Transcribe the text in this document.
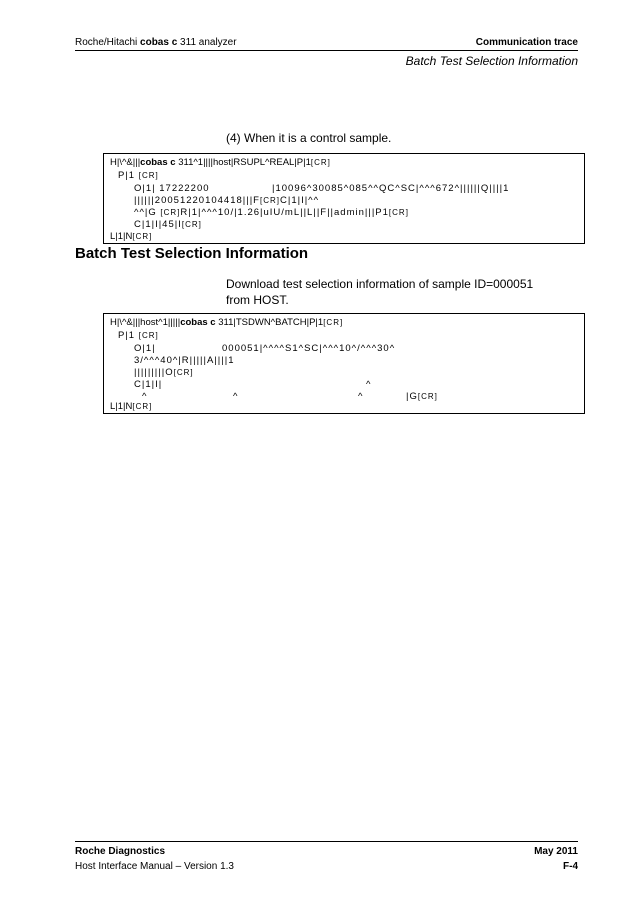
Roche/Hitachi cobas c 311 analyzer	Communication trace
Batch Test Selection Information
(4) When it is a control sample.
H|\^&|||cobas c 311^1||||host|RSUPL^REAL|P|1[CR]
P|1 [CR]
O|1| 17222200	|10096^30085^085^^QC^SC|^^^672^||||||Q||||1
||||||20051220104418|||F[CR]C|1|I|^^
^^|G [CR]R|1|^^^10/|1.26|uIU/mL||L||F||admin|||P1[CR]
C|1|I|45|I[CR]
L|1|N[CR]
Batch Test Selection Information
Download test selection information of sample ID=000051
from HOST.
H|\^&|||host^1|||||cobas c 311|TSDWN^BATCH|P|1[CR]
P|1 [CR]
O|1|	000051|^^^^S1^SC|^^^10^/^^^30^
3/^^^40^|R|||||A||||1
|||||||||O[CR]
C|1|I|	^
^	^	^	|G[CR]
L|1|N[CR]
Roche Diagnostics
Host Interface Manual – Version 1.3
May 2011
F-4
